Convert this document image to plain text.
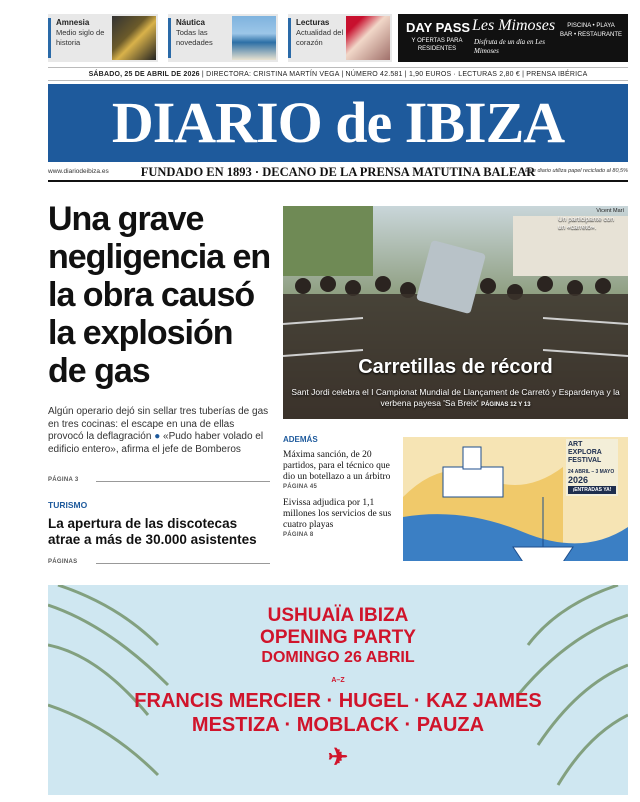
Amnesia
Medio siglo de historia
Náutica
Todas las novedades
Lecturas
Actualidad del corazón
DAY PASS
Y OFERTAS PARA RESIDENTES
Les Mimoses
Disfruta de un día en Les Mimoses
PISCINA • PLAYA
BAR • RESTAURANTE
SÁBADO, 25 DE ABRIL DE 2026 | DIRECTORA: CRISTINA MARTÍN VEGA | NÚMERO 42.581 | 1,90 EUROS · LECTURAS 2,80 € | PRENSA IBÉRICA
DIARIO de IBIZA
www.diariodeibiza.es	FUNDADO EN 1893 · DECANO DE LA PRENSA MATUTINA BALEAR
Este diario utiliza papel reciclado al 80,5%
Una grave negligencia en la obra causó la explosión de gas
Algún operario dejó sin sellar tres tuberías de gas en tres cocinas: el escape en una de ellas provocó la deflagración ● «Pudo haber volado el edificio entero», afirma el jefe de Bomberos
PÁGINA 3
TURISMO
La apertura de las discotecas atrae a más de 30.000 asistentes
PÁGINAS
Vicent Marí
Un participante con un «carretó».
Carretillas de récord
Sant Jordi celebra el I Campionat Mundial de Llançament de Carretó y Espardenya y la verbena payesa 'Sa Breix' PÁGINAS 12 Y 13
ADEMÁS
Máxima sanción, de 20 partidos, para el técnico que dio un botellazo a un árbitro
PÁGINA 45
Eivissa adjudica por 1,1 millones los servicios de sus cuatro playas
PÁGINA 8
ART
EXPLORA
FESTIVAL
24 ABRIL – 3 MAYO
2026
¡ENTRADAS YA!
USHUAÏA IBIZA
OPENING PARTY
DOMINGO 26 ABRIL
A–Z
FRANCIS MERCIER · HUGEL · KAZ JAMES
MESTIZA · MOBLACK · PAUZA
✈
